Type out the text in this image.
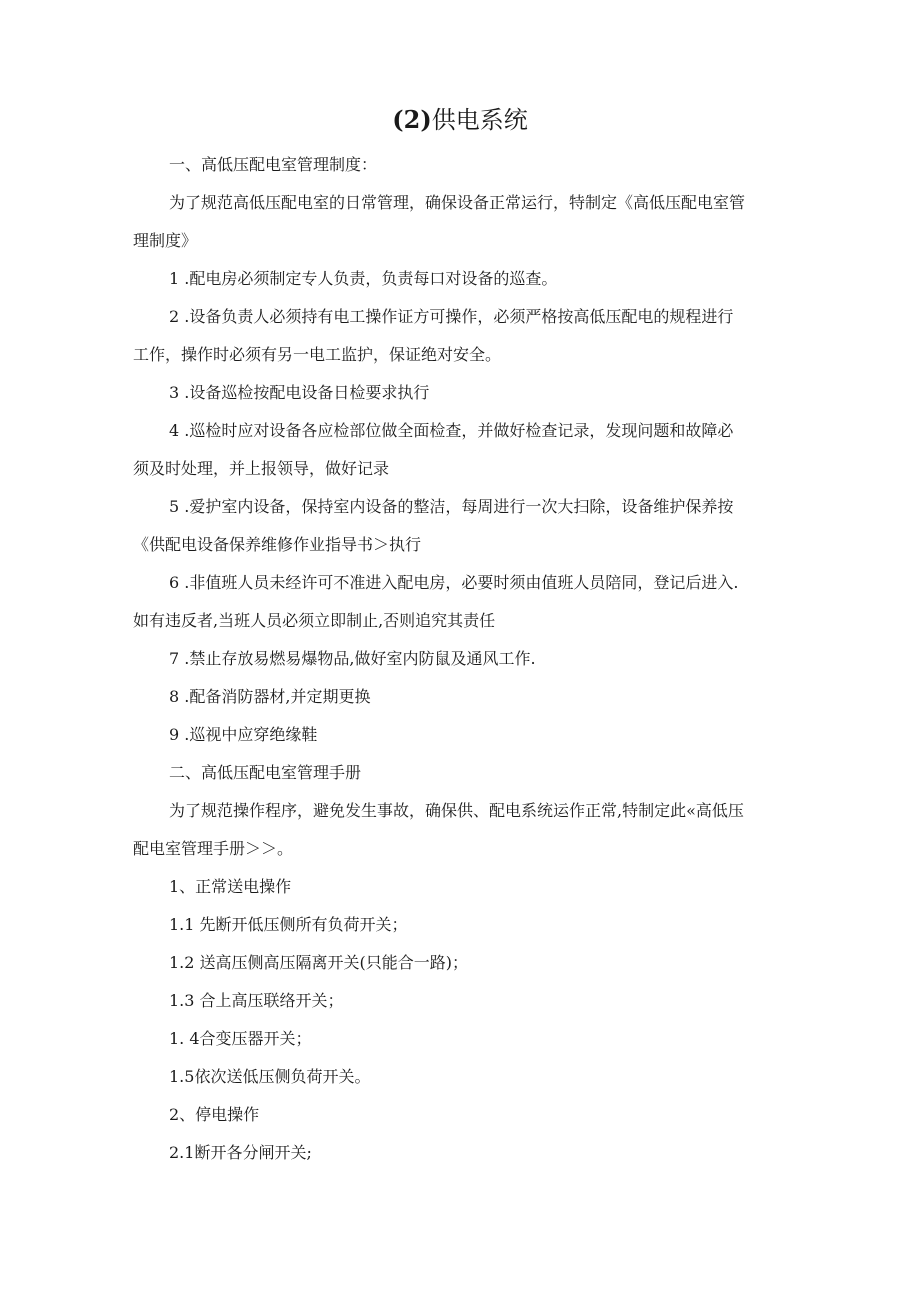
(2)供电系统

一、高低压配电室管理制度：

为了规范高低压配电室的日常管理，确保设备正常运行，特制定《高低压配电室管
理制度》

1 .配电房必须制定专人负责，负责每口对设备的巡查。

2 .设备负责人必须持有电工操作证方可操作，必须严格按高低压配电的规程进行
工作，操作时必须有另一电工监护，保证绝对安全。

3 .设备巡检按配电设备日检要求执行

4 .巡检时应对设备各应检部位做全面检查，并做好检查记录，发现问题和故障必
须及时处理，并上报领导，做好记录

5 .爱护室内设备，保持室内设备的整洁，每周进行一次大扫除，设备维护保养按
《供配电设备保养维修作业指导书＞执行

6 .非值班人员未经许可不准进入配电房，必要时须由值班人员陪同，登记后进入.
如有违反者,当班人员必须立即制止,否则追究其责任

7 .禁止存放易燃易爆物品,做好室内防鼠及通风工作.

8 .配备消防器材,并定期更换

9 .巡视中应穿绝缘鞋

二、高低压配电室管理手册

为了规范操作程序，避免发生事故，确保供、配电系统运作正常,特制定此«高低压
配电室管理手册＞＞。

1、正常送电操作

1.1 先断开低压侧所有负荷开关；

1.2 送高压侧高压隔离开关(只能合一路)；

1.3 合上高压联络开关；

1. 4合变压器开关；

1.5依次送低压侧负荷开关。

2、停电操作

2.1断开各分闸开关;
